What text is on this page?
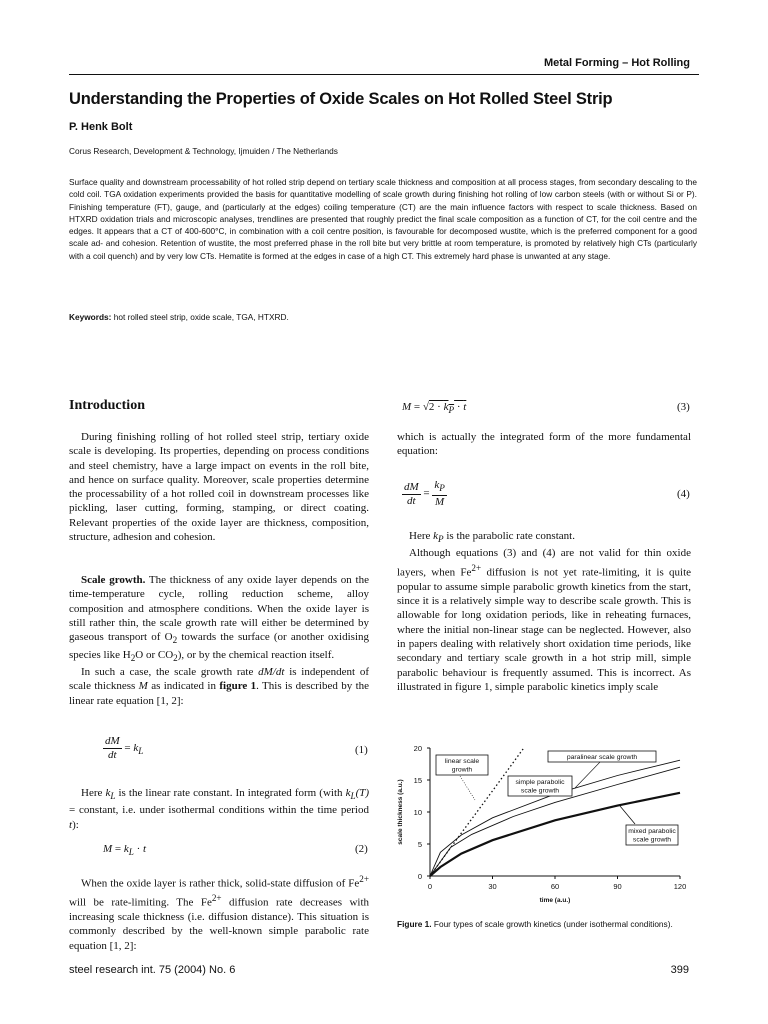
Metal Forming – Hot Rolling
Understanding the Properties of Oxide Scales on Hot Rolled Steel Strip
P. Henk Bolt
Corus Research, Development & Technology, Ijmuiden / The Netherlands
Surface quality and downstream processability of hot rolled strip depend on tertiary scale thickness and composition at all process stages, from secondary descaling to the cold coil. TGA oxidation experiments provided the basis for quantitative modelling of scale growth during finishing hot rolling of low carbon steels (with or without Si or P). Finishing temperature (FT), gauge, and (particularly at the edges) coiling temperature (CT) are the main influence factors with respect to scale thickness. Based on HTXRD oxidation trials and microscopic analyses, trendlines are presented that roughly predict the final scale composition as a function of CT, for the coil centre and the edges. It appears that a CT of 400-600°C, in combination with a coil centre position, is favourable for decomposed wustite, which is the preferred component for a good scale ad- and cohesion. Retention of wustite, the most preferred phase in the roll bite but very brittle at room temperature, is promoted by relatively high CTs (particularly with a coil quench) and by very low CTs. Hematite is formed at the edges in case of a high CT. This extremely hard phase is unwanted at any stage.
Keywords: hot rolled steel strip, oxide scale, TGA, HTXRD.
Introduction

During finishing rolling of hot rolled steel strip, tertiary oxide scale is developing. Its properties, depending on process conditions and steel chemistry, have a large impact on events in the roll bite, and hence on surface quality. Moreover, scale properties determine the processability of a hot rolled coil in downstream processes like pickling, laser cutting, forming, stamping, or direct coating. Relevant properties of the oxide layer are thickness, composition, structure, adhesion and cohesion.

Scale growth. The thickness of any oxide layer depends on the time-temperature cycle, rolling reduction scheme, alloy composition and atmosphere conditions. When the oxide layer is still rather thin, the scale growth rate will either be determined by gaseous transport of $O_2$ towards the surface (or another oxidising species like $H_2O$ or $CO_2$), or by the chemical reaction itself.

In such a case, the scale growth rate dM/dt is independent of scale thickness M as indicated in figure 1. This is described by the linear rate equation [1, 2]:

$\frac{dM}{dt} = k_L$	(1)

Here $k_L$ is the linear rate constant. In integrated form (with $k_L(T)$ = constant, i.e. under isothermal conditions within the time period t):

$M = k_L \cdot t$	(2)

When the oxide layer is rather thick, solid-state diffusion of $Fe^{2+}$ will be rate-limiting. The $Fe^{2+}$ diffusion rate decreases with increasing scale thickness (i.e. diffusion distance). This situation is commonly described by the well-known simple parabolic rate equation [1, 2]:

$M = √2 \cdot k_P \cdot t$	(3)

which is actually the integrated form of the more fundamental equation:

$\frac{dM}{dt} = \frac{k_P}{M}$	(4)

Here $k_P$ is the parabolic rate constant.

Although equations (3) and (4) are not valid for thin oxide layers, when $Fe^{2+}$ diffusion is not yet rate-limiting, it is quite popular to assume simple parabolic growth kinetics from the start, since it is a relatively simple way to describe scale growth. This is allowable for long oxidation periods, like in reheating furnaces, where the initial non-linear stage can be neglected. However, also in papers dealing with relatively short oxidation time periods, like secondary and tertiary scale growth in a hot strip mill, simple parabolic behaviour is frequently assumed. This is incorrect. As illustrated in figure 1, simple parabolic kinetics imply scale

0	30	60	90	120
0
5
10
15
20
time (a.u.)
scale thickness (a.u.)
linear scale
growth
simple parabolic
scale growth
paralinear scale growth
mixed parabolic
scale growth
Figure 1. Four types of scale growth kinetics (under isothermal conditions).
steel research int. 75 (2004) No. 6	399
